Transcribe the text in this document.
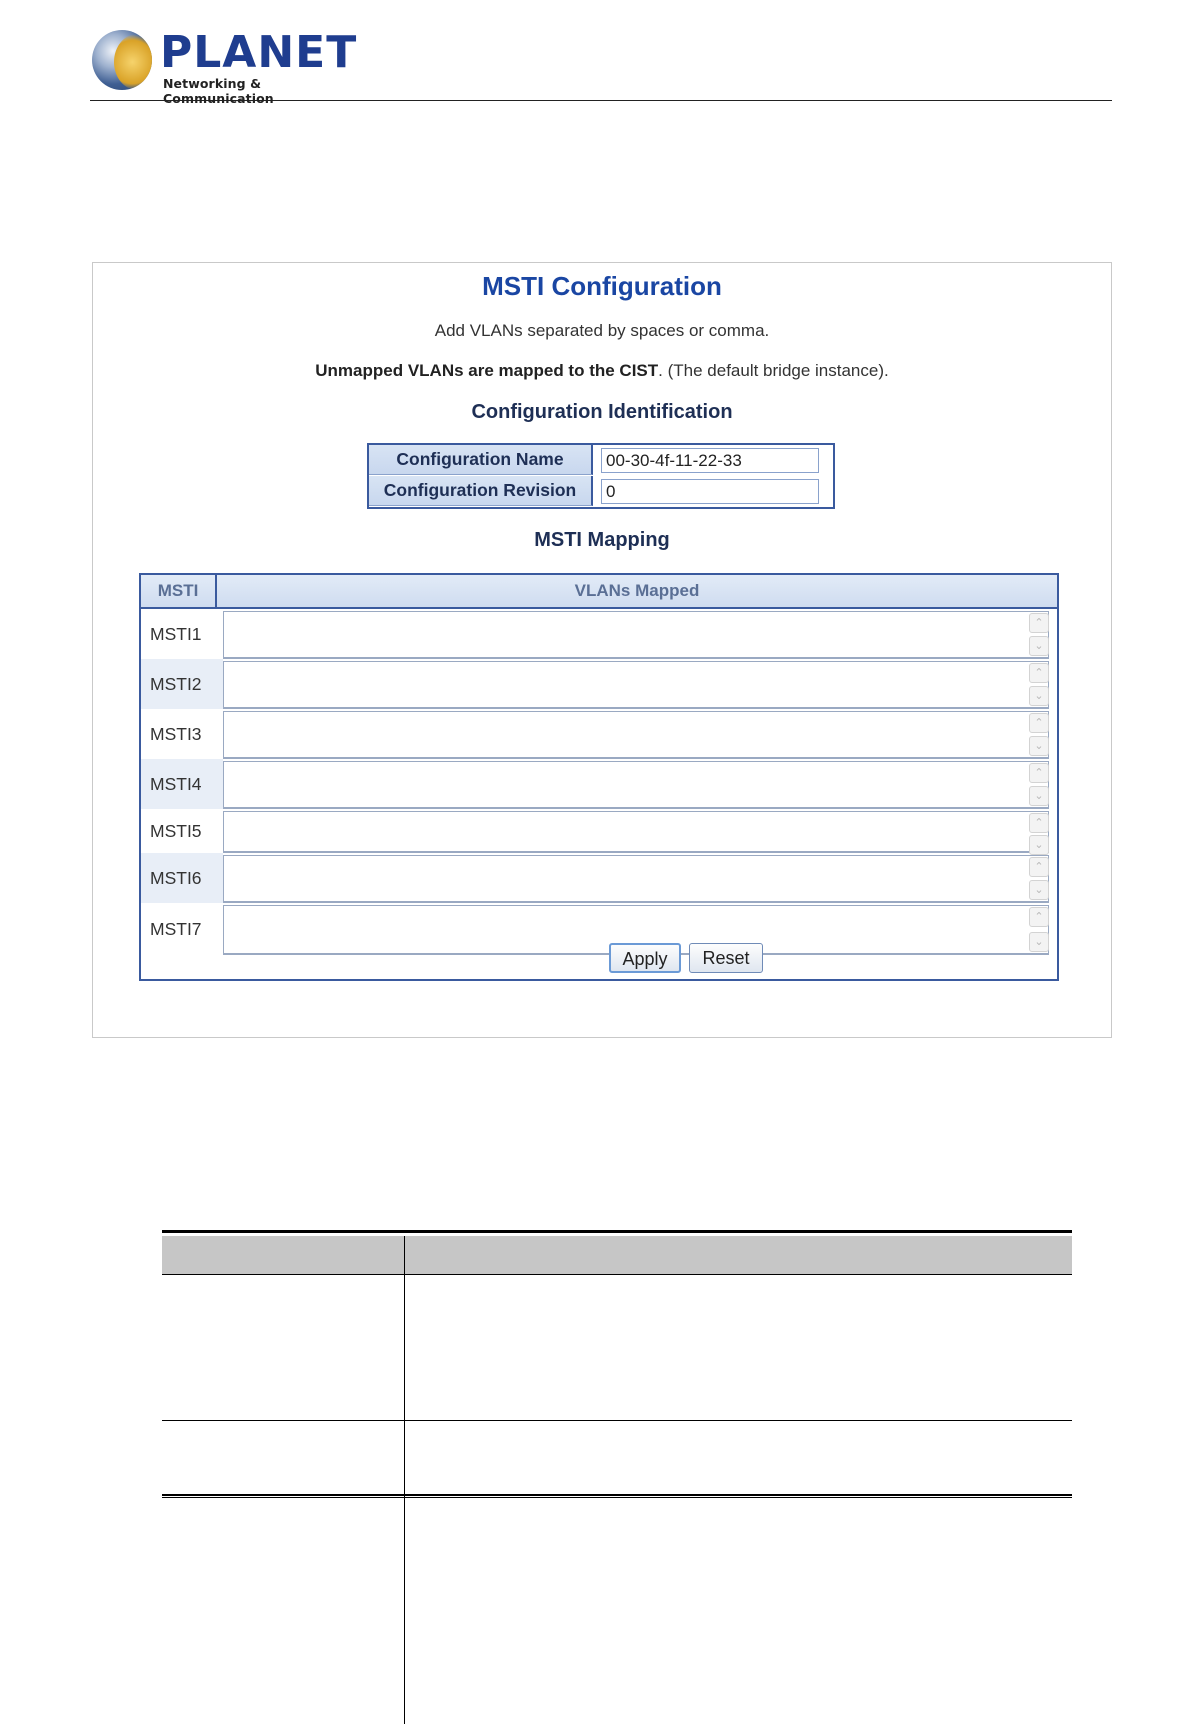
PLANET
Networking & Communication
MSTI Configuration
Add VLANs separated by spaces or comma.
Unmapped VLANs are mapped to the CIST. (The default bridge instance).
Configuration Identification
Configuration Name
00-30-4f-11-22-33
Configuration Revision
0
MSTI Mapping
MSTI	VLANs Mapped
MSTI1
⌃
⌄
MSTI2
⌃
⌄
MSTI3
⌃
⌄
MSTI4
⌃
⌄
MSTI5	⌃
⌄
MSTI6
⌃
⌄
MSTI7
⌃
⌄
Apply	Reset
